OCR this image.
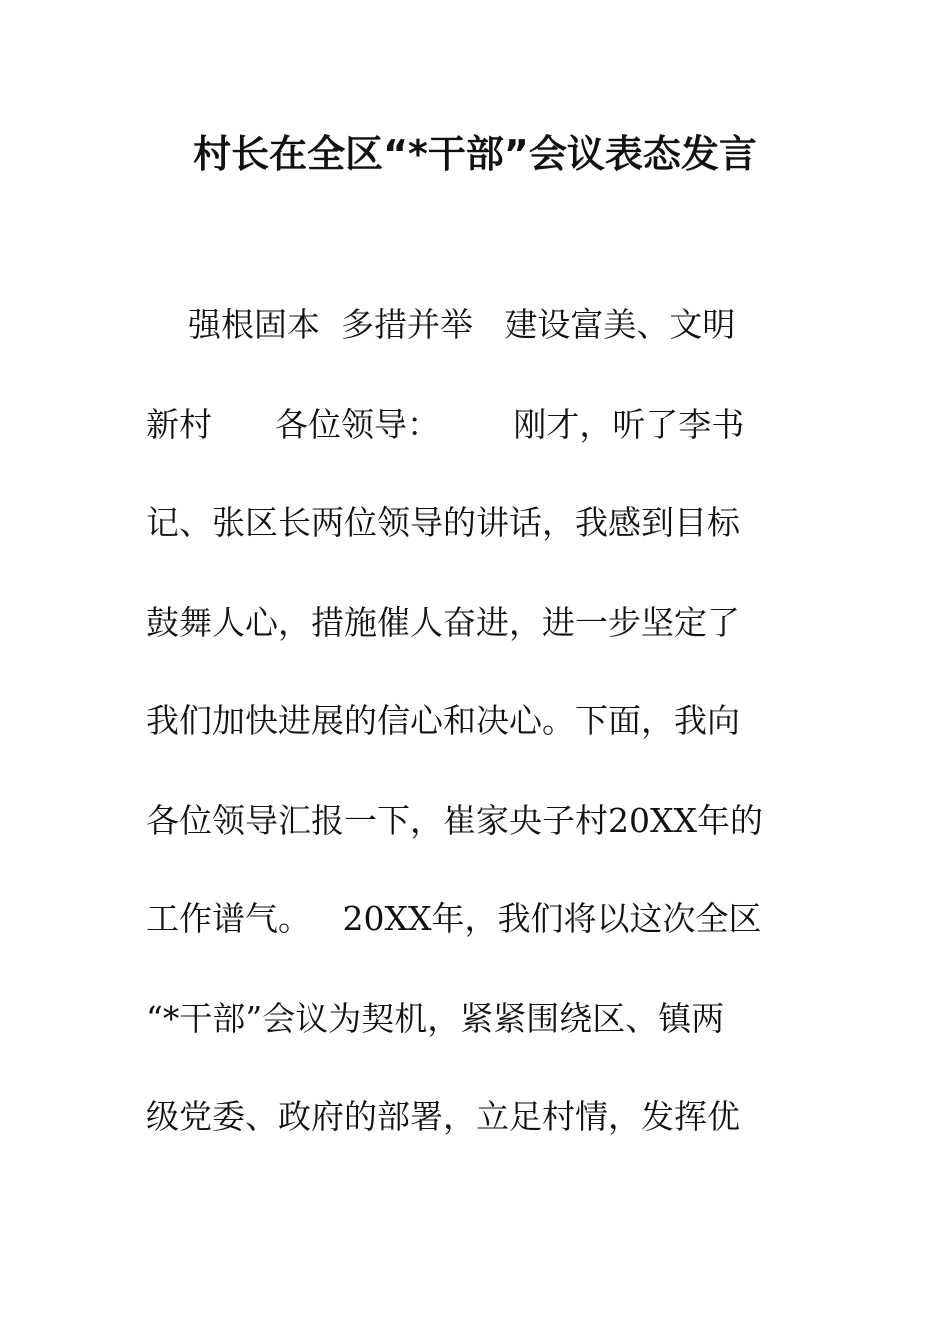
村长在全区“*干部”会议表态发言
强根固本  多措并举   建设富美、文明
新村      各位领导：       刚才，听了李书
记、张区长两位领导的讲话，我感到目标
鼓舞人心，措施催人奋进，进一步坚定了
我们加快进展的信心和决心。下面，我向
各位领导汇报一下，崔家央子村20XX年的
工作谱气。   20XX年，我们将以这次全区
“*干部”会议为契机，紧紧围绕区、镇两
级党委、政府的部署，立足村情，发挥优
